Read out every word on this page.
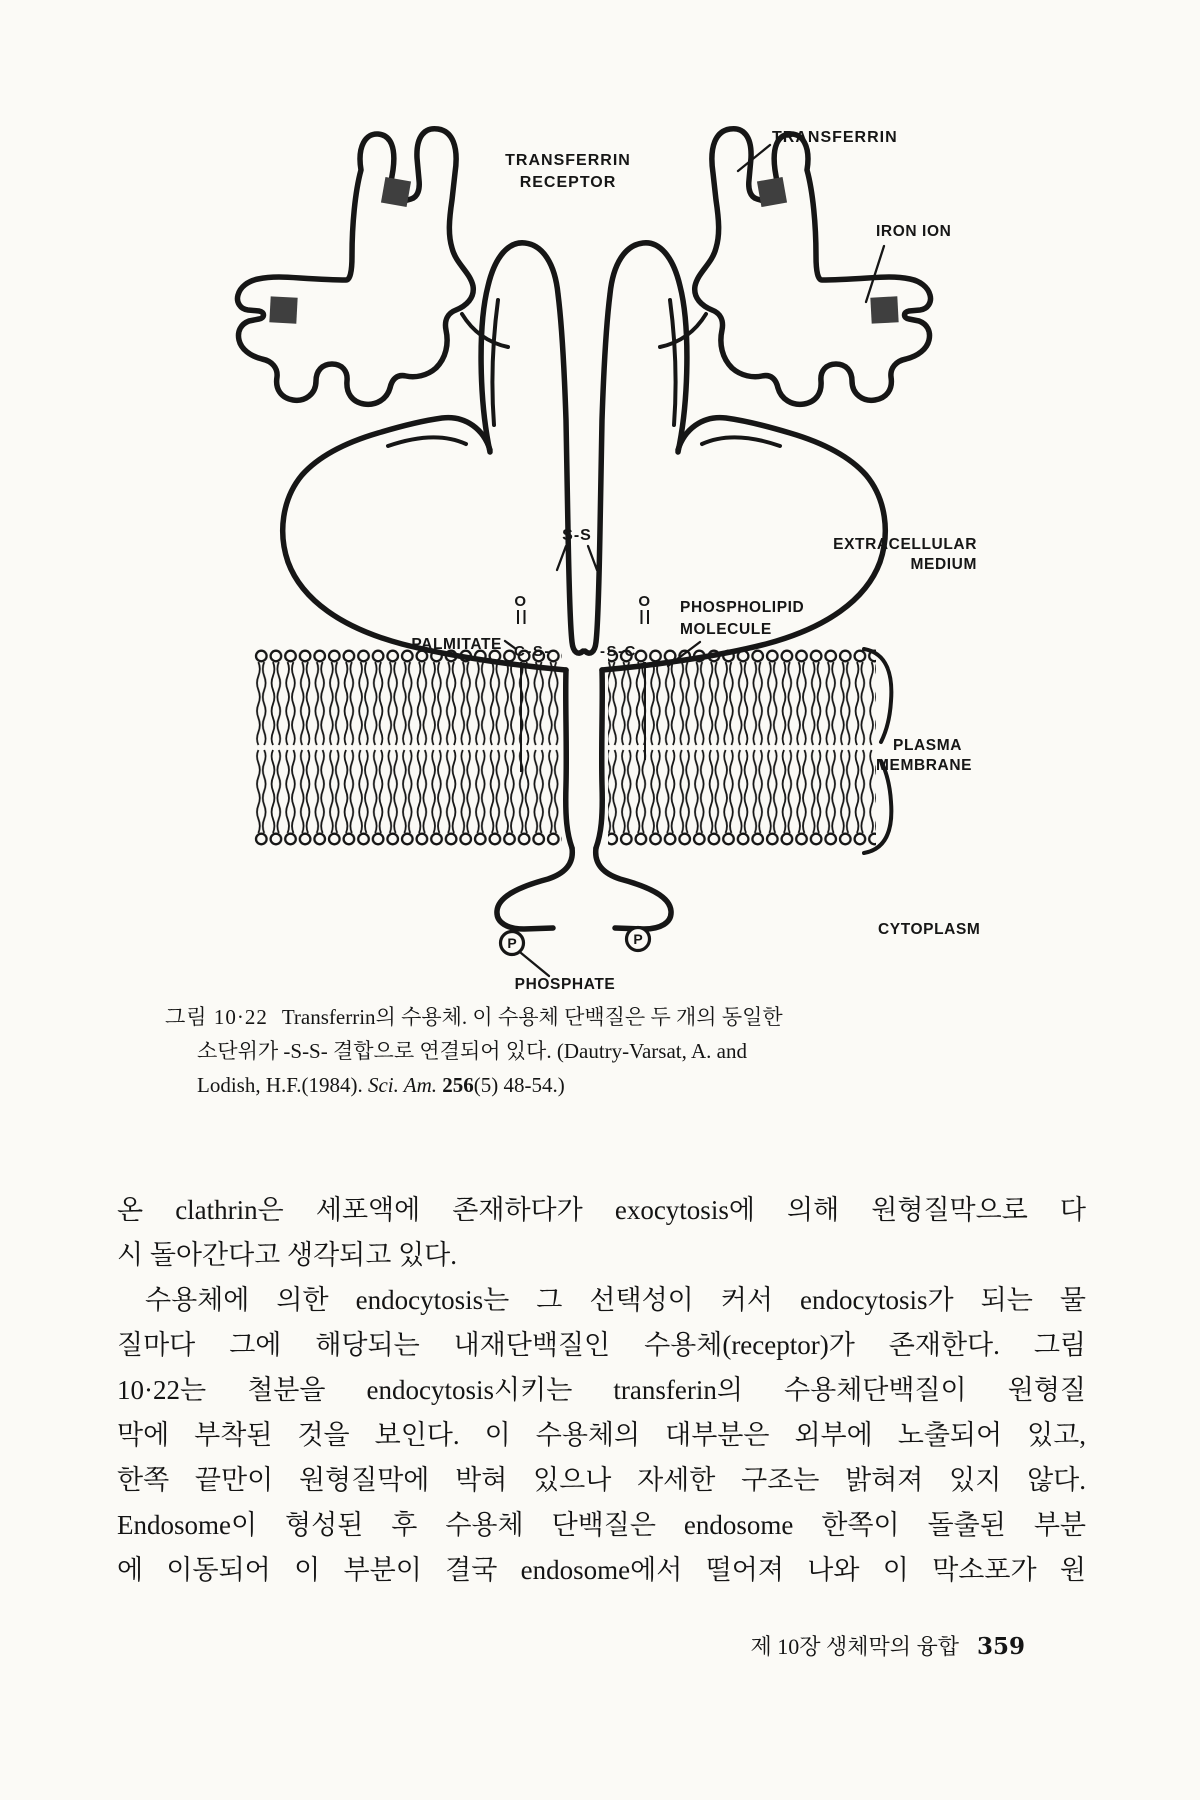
S-S
O
C-S-
O
-S-C
P	P
TRANSFERRIN
RECEPTOR
TRANSFERRIN
IRON ION
EXTRACELLULAR
MEDIUM
PALMITATE
PHOSPHOLIPID
MOLECULE
PLASMA
MEMBRANE
CYTOPLASM
PHOSPHATE
그림 10·22 Transferrin의 수용체. 이 수용체 단백질은 두 개의 동일한
소단위가 -S-S- 결합으로 연결되어 있다. (Dautry-Varsat, A. and
Lodish, H.F.(1984). Sci. Am. 256(5) 48-54.)
온 clathrin은 세포액에 존재하다가 exocytosis에 의해 원형질막으로 다
시 돌아간다고 생각되고 있다.
수용체에 의한 endocytosis는 그 선택성이 커서 endocytosis가 되는 물
질마다 그에 해당되는 내재단백질인 수용체(receptor)가 존재한다. 그림
10·22는 철분을 endocytosis시키는 transferin의 수용체단백질이 원형질
막에 부착된 것을 보인다. 이 수용체의 대부분은 외부에 노출되어 있고,
한쪽 끝만이 원형질막에 박혀 있으나 자세한 구조는 밝혀져 있지 않다.
Endosome이 형성된 후 수용체 단백질은 endosome 한쪽이 돌출된 부분
에 이동되어 이 부분이 결국 endosome에서 떨어져 나와 이 막소포가 원
제 10장 생체막의 융합 359
